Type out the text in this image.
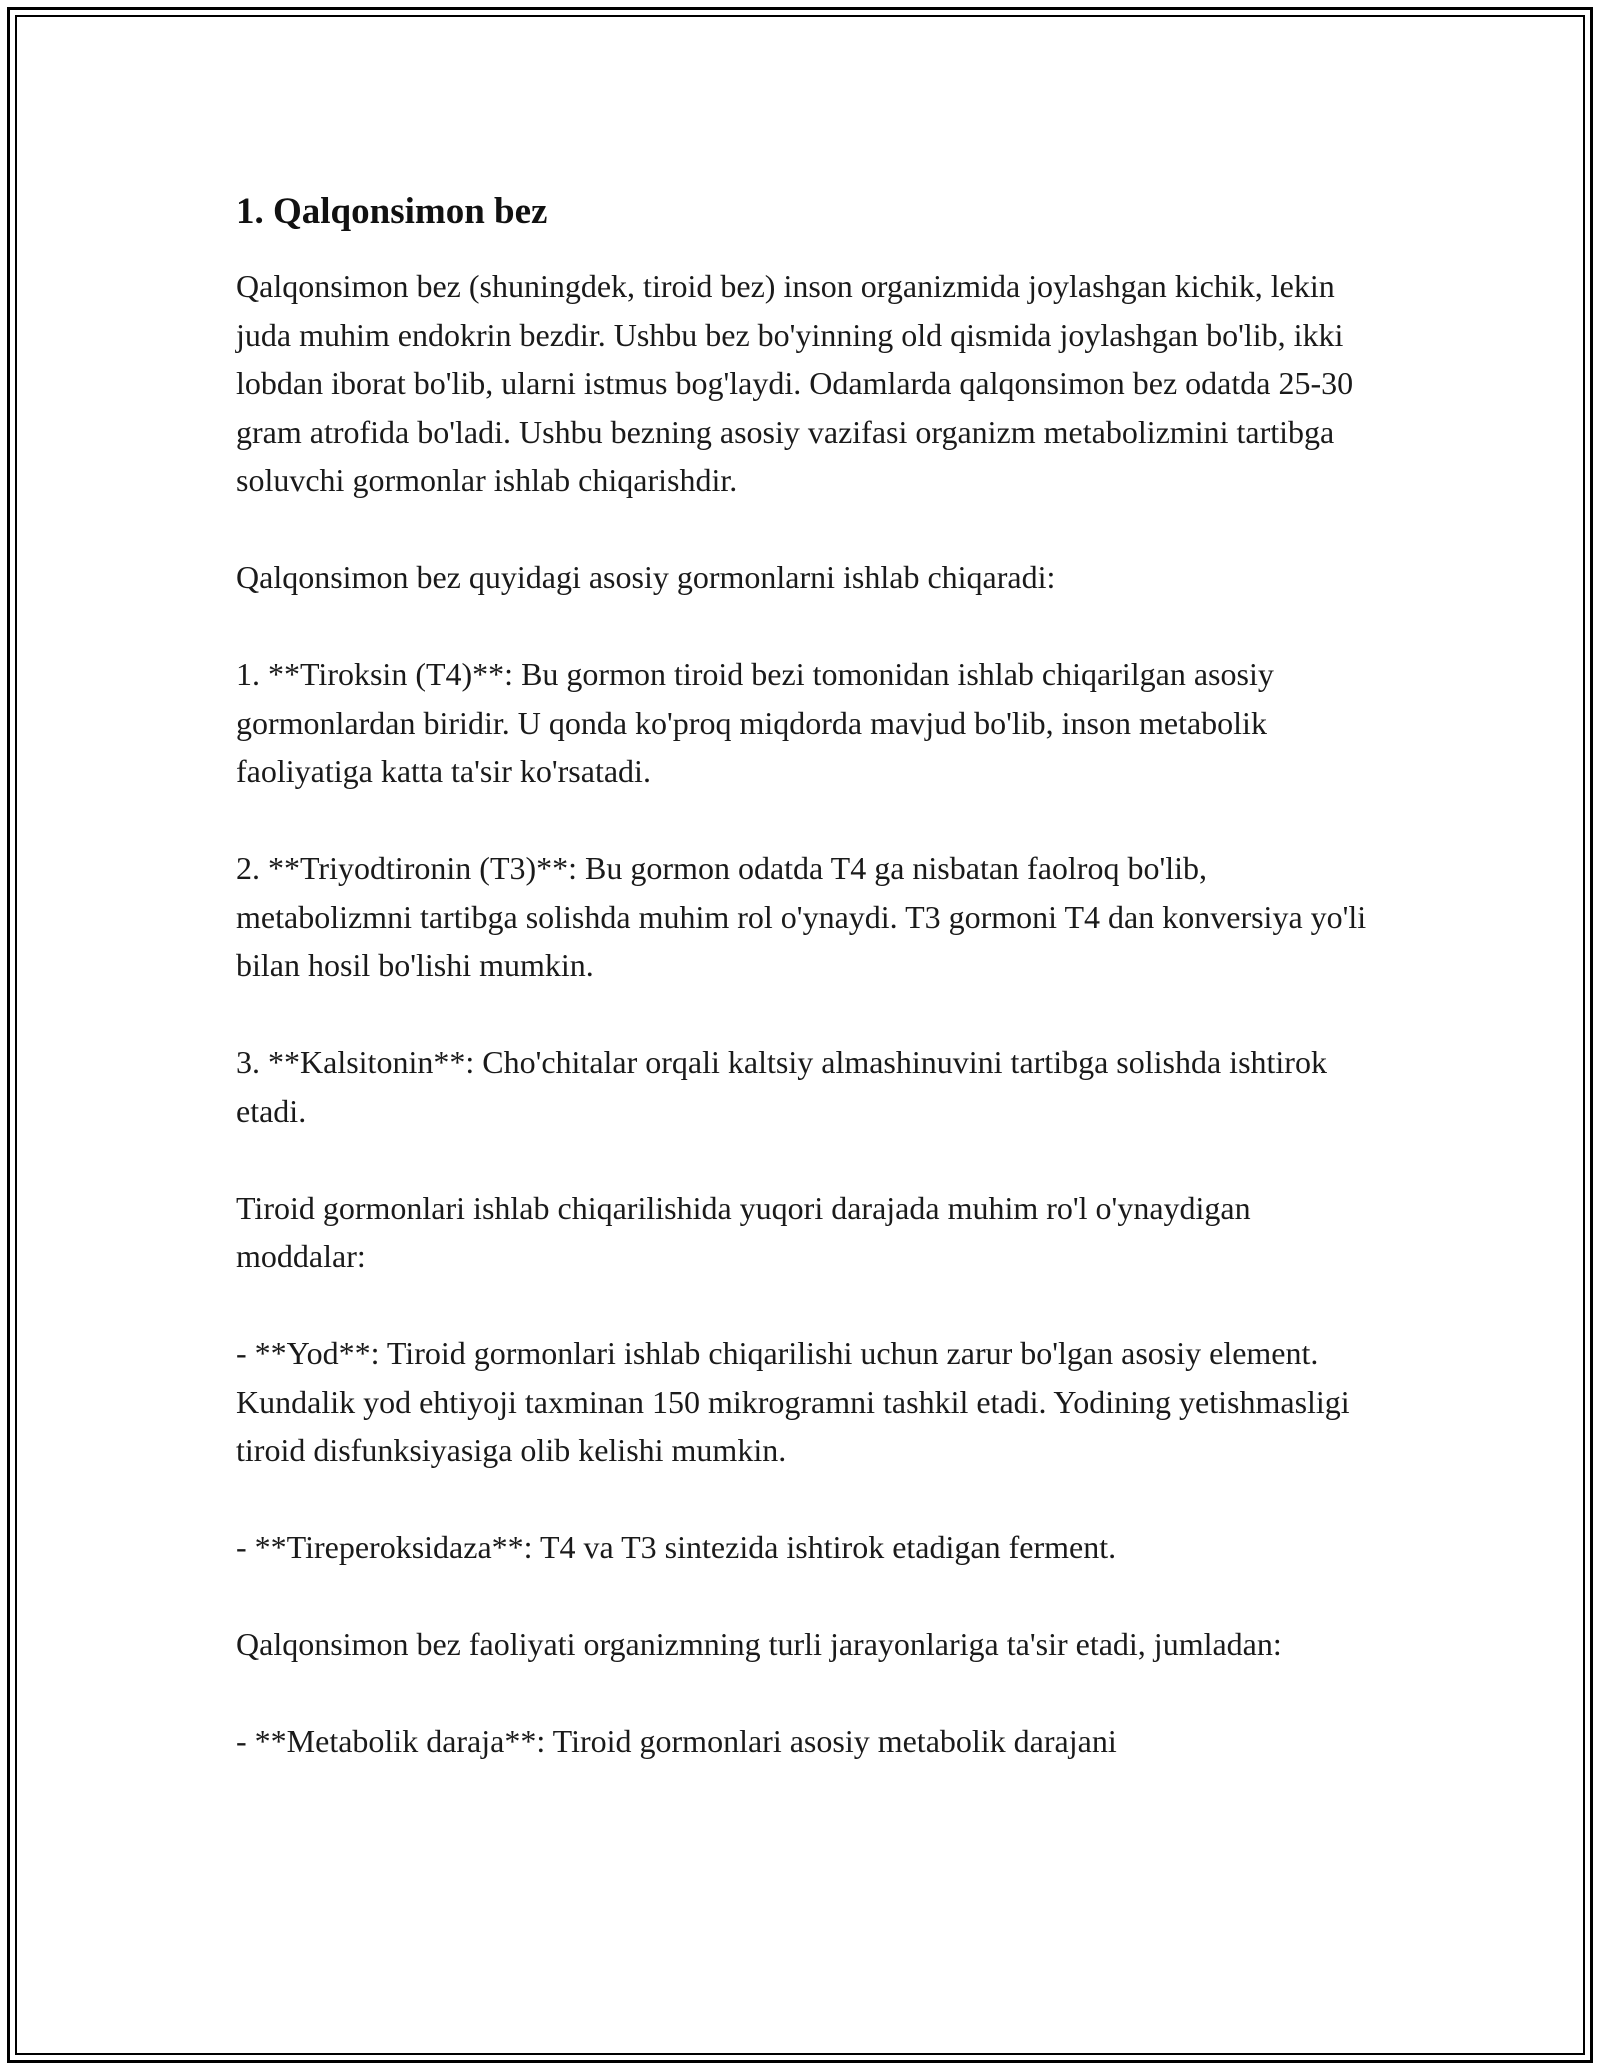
1. Qalqonsimon bez

Qalqonsimon bez (shuningdek, tiroid bez) inson organizmida joylashgan kichik, lekin juda muhim endokrin bezdir. Ushbu bez bo'yinning old qismida joylashgan bo'lib, ikki lobdan iborat bo'lib, ularni istmus bog'laydi. Odamlarda qalqonsimon bez odatda 25-30 gram atrofida bo'ladi. Ushbu bezning asosiy vazifasi organizm metabolizmini tartibga soluvchi gormonlar ishlab chiqarishdir.

Qalqonsimon bez quyidagi asosiy gormonlarni ishlab chiqaradi:

1. **Tiroksin (T4)**: Bu gormon tiroid bezi tomonidan ishlab chiqarilgan asosiy gormonlardan biridir. U qonda ko'proq miqdorda mavjud bo'lib, inson metabolik faoliyatiga katta ta'sir ko'rsatadi.

2. **Triyodtironin (T3)**: Bu gormon odatda T4 ga nisbatan faolroq bo'lib, metabolizmni tartibga solishda muhim rol o'ynaydi. T3 gormoni T4 dan konversiya yo'li bilan hosil bo'lishi mumkin.

3. **Kalsitonin**: Cho'chitalar orqali kaltsiy almashinuvini tartibga solishda ishtirok etadi.

Tiroid gormonlari ishlab chiqarilishida yuqori darajada muhim ro'l o'ynaydigan moddalar:

- **Yod**: Tiroid gormonlari ishlab chiqarilishi uchun zarur bo'lgan asosiy element. Kundalik yod ehtiyoji taxminan 150 mikrogramni tashkil etadi. Yodining yetishmasligi tiroid disfunksiyasiga olib kelishi mumkin.

- **Tireperoksidaza**: T4 va T3 sintezida ishtirok etadigan ferment.

Qalqonsimon bez faoliyati organizmning turli jarayonlariga ta'sir etadi, jumladan:

- **Metabolik daraja**: Tiroid gormonlari asosiy metabolik darajani
